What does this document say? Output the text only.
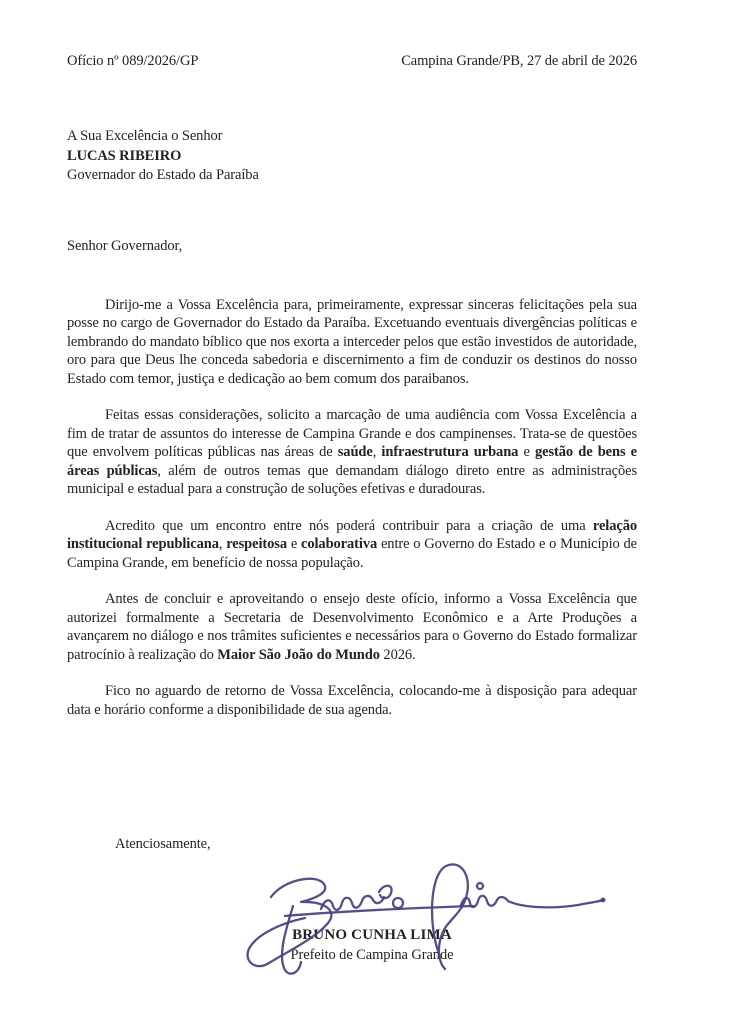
Ofício nº 089/2026/GP	Campina Grande/PB, 27 de abril de 2026
A Sua Excelência o Senhor
LUCAS RIBEIRO
Governador do Estado da Paraíba
Senhor Governador,

Dirijo-me a Vossa Excelência para, primeiramente, expressar sinceras felicitações pela sua posse no cargo de Governador do Estado da Paraíba. Excetuando eventuais divergências políticas e lembrando do mandato bíblico que nos exorta a interceder pelos que estão investidos de autoridade, oro para que Deus lhe conceda sabedoria e discernimento a fim de conduzir os destinos do nosso Estado com temor, justiça e dedicação ao bem comum dos paraibanos.

Feitas essas considerações, solicito a marcação de uma audiência com Vossa Excelência a fim de tratar de assuntos do interesse de Campina Grande e dos campinenses. Trata-se de questões que envolvem políticas públicas nas áreas de saúde, infraestrutura urbana e gestão de bens e áreas públicas, além de outros temas que demandam diálogo direto entre as administrações municipal e estadual para a construção de soluções efetivas e duradouras.

Acredito que um encontro entre nós poderá contribuir para a criação de uma relação institucional republicana, respeitosa e colaborativa entre o Governo do Estado e o Município de Campina Grande, em benefício de nossa população.

Antes de concluir e aproveitando o ensejo deste ofício, informo a Vossa Excelência que autorizei formalmente a Secretaria de Desenvolvimento Econômico e a Arte Produções a avançarem no diálogo e nos trâmites suficientes e necessários para o Governo do Estado formalizar patrocínio à realização do Maior São João do Mundo 2026.

Fico no aguardo de retorno de Vossa Excelência, colocando-me à disposição para adequar data e horário conforme a disponibilidade de sua agenda.

Atenciosamente,
BRUNO CUNHA LIMA
Prefeito de Campina Grande
